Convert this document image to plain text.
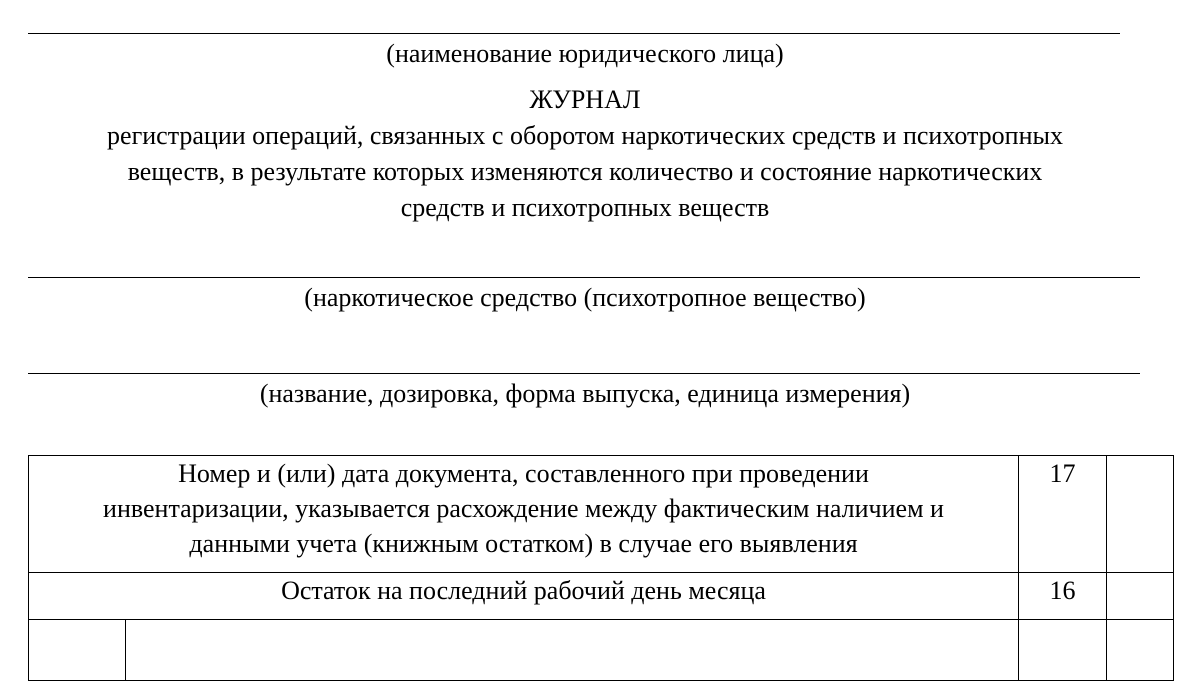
(наименование юридического лица)
ЖУРНАЛ
регистрации операций, связанных с оборотом наркотических средств и психотропных
веществ, в результате которых изменяются количество и состояние наркотических
средств и психотропных веществ
(наркотическое средство (психотропное вещество)
(название, дозировка, форма выпуска, единица измерения)
Номер и (или) дата документа, составленного при проведении
инвентаризации, указывается расхождение между фактическим наличием и
данными учета (книжным остатком) в случае его выявления	17	

Остаток на последний рабочий день месяца	16	
